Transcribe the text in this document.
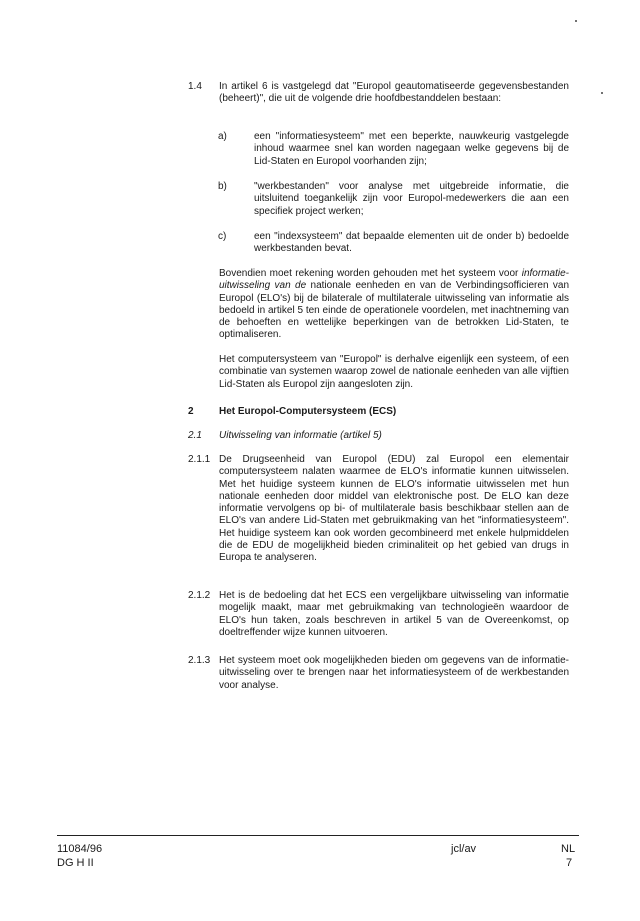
1.4 In artikel 6 is vastgelegd dat "Europol geautomatiseerde gegevensbestanden (beheert)", die uit de volgende drie hoofdbestanddelen bestaan:
a)	een "informatiesysteem" met een beperkte, nauwkeurig vastgelegde inhoud waarmee snel kan worden nagegaan welke gegevens bij de Lid-Staten en Europol voorhanden zijn;
b)	"werkbestanden" voor analyse met uitgebreide informatie, die uitsluitend toegankelijk zijn voor Europol-medewerkers die aan een specifiek project werken;
c)	een "indexsysteem" dat bepaalde elementen uit de onder b) bedoelde werkbestanden bevat.
Bovendien moet rekening worden gehouden met het systeem voor informatie-uitwisseling van de nationale eenheden en van de Verbindingsofficieren van Europol (ELO's) bij de bilaterale of multilaterale uitwisseling van informatie als bedoeld in artikel 5 ten einde de operationele voordelen, met inachtneming van de behoeften en wettelijke beperkingen van de betrokken Lid-Staten, te optimaliseren.
Het computersysteem van "Europol" is derhalve eigenlijk een systeem, of een combinatie van systemen waarop zowel de nationale eenheden van alle vijftien Lid-Staten als Europol zijn aangesloten zijn.
2	Het Europol-Computersysteem (ECS)
2.1 Uitwisseling van informatie (artikel 5)
2.1.1 De Drugseenheid van Europol (EDU) zal Europol een elementair computersysteem nalaten waarmee de ELO's informatie kunnen uitwisselen. Met het huidige systeem kunnen de ELO's informatie uitwisselen met hun nationale eenheden door middel van elektronische post. De ELO kan deze informatie vervolgens op bi- of multilaterale basis beschikbaar stellen aan de ELO's van andere Lid-Staten met gebruikmaking van het "informatiesysteem". Het huidige systeem kan ook worden gecombineerd met enkele hulpmiddelen die de EDU de mogelijkheid bieden criminaliteit op het gebied van drugs in Europa te analyseren.
2.1.2 Het is de bedoeling dat het ECS een vergelijkbare uitwisseling van informatie mogelijk maakt, maar met gebruikmaking van technologieën waardoor de ELO's hun taken, zoals beschreven in artikel 5 van de Overeenkomst, op doeltreffender wijze kunnen uitvoeren.
2.1.3 Het systeem moet ook mogelijkheden bieden om gegevens van de informatie-uitwisseling over te brengen naar het informatiesysteem of de werkbestanden voor analyse.
11084/96
DG H II
jcl/av	NL
7
